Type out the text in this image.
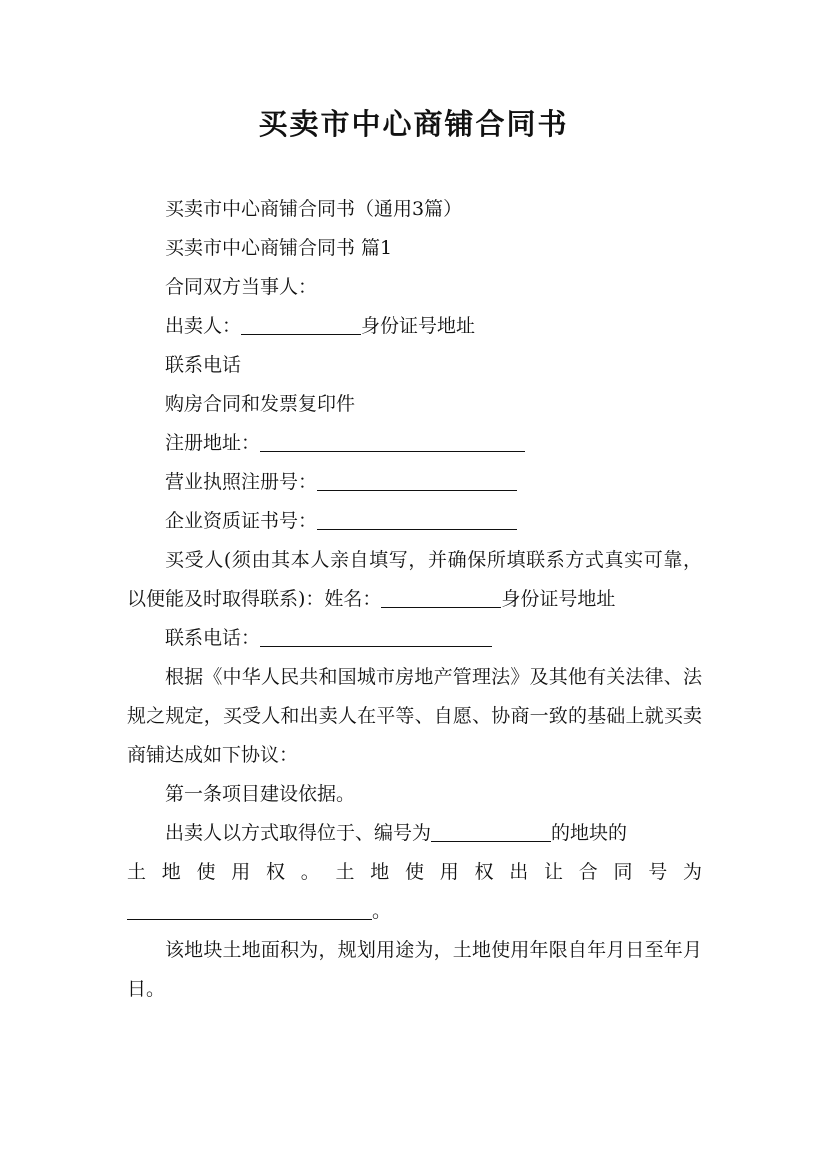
买卖市中心商铺合同书

买卖市中心商铺合同书（通用3篇）

买卖市中心商铺合同书 篇1

合同双方当事人：

出卖人：	身份证号地址

联系电话

购房合同和发票复印件

注册地址：

营业执照注册号：

企业资质证书号：

买受人(须由其本人亲自填写，并确保所填联系方式真实可靠，以便能及时取得联系)：姓名：	身份证号地址

联系电话：

根据《中华人民共和国城市房地产管理法》及其他有关法律、法规之规定，买受人和出卖人在平等、自愿、协商一致的基础上就买卖商铺达成如下协议：

第一条项目建设依据。

出卖人以方式取得位于、编号为	的地块的

土地使用权。土地使用权出让合同号为

。

该地块土地面积为，规划用途为，土地使用年限自年月日至年月日。
